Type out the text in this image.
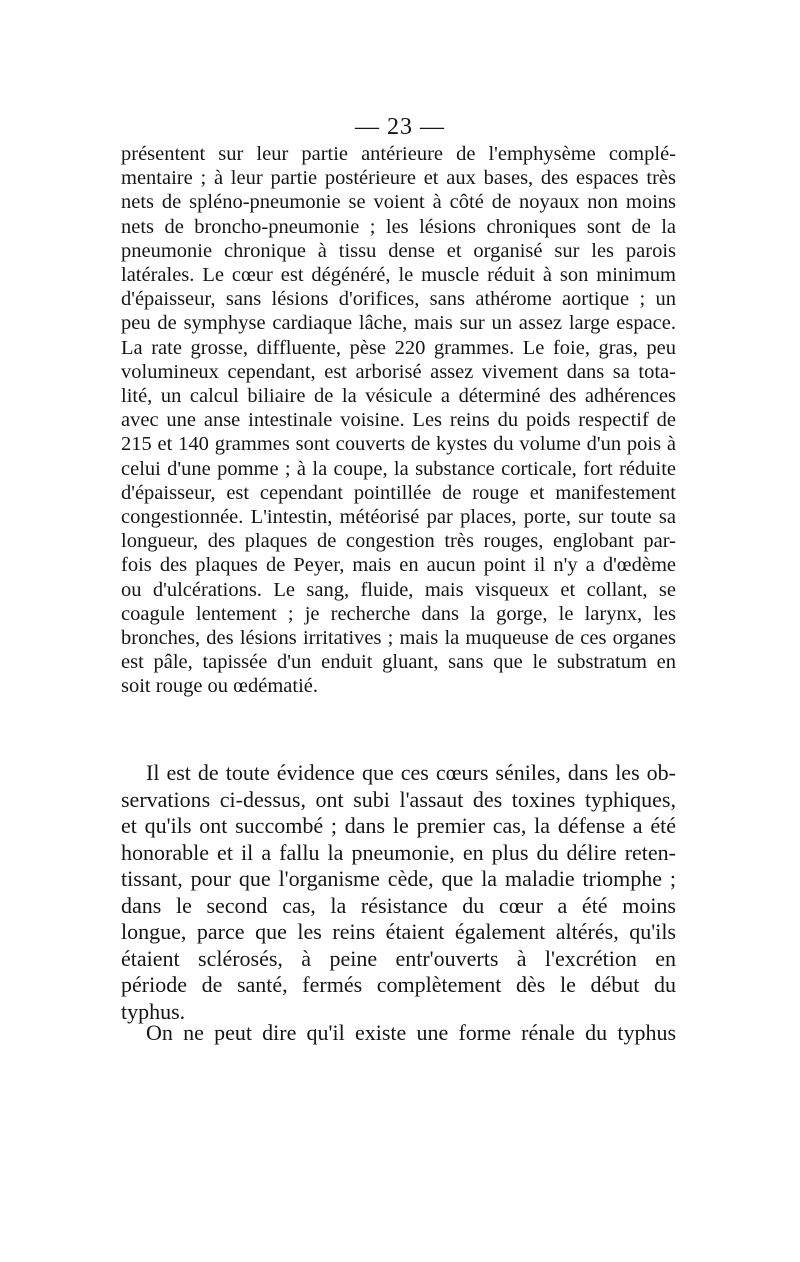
— 23 —
présentent sur leur partie antérieure de l'emphysème complé-
mentaire ; à leur partie postérieure et aux bases, des espaces très
nets de spléno-pneumonie se voient à côté de noyaux non moins
nets de broncho-pneumonie ; les lésions chroniques sont de la
pneumonie chronique à tissu dense et organisé sur les parois
latérales. Le cœur est dégénéré, le muscle réduit à son minimum
d'épaisseur, sans lésions d'orifices, sans athérome aortique ; un
peu de symphyse cardiaque lâche, mais sur un assez large espace.
La rate grosse, diffluente, pèse 220 grammes. Le foie, gras, peu
volumineux cependant, est arborisé assez vivement dans sa tota-
lité, un calcul biliaire de la vésicule a déterminé des adhérences
avec une anse intestinale voisine. Les reins du poids respectif de
215 et 140 grammes sont couverts de kystes du volume d'un pois à
celui d'une pomme ; à la coupe, la substance corticale, fort réduite
d'épaisseur, est cependant pointillée de rouge et manifestement
congestionnée. L'intestin, météorisé par places, porte, sur toute sa
longueur, des plaques de congestion très rouges, englobant par-
fois des plaques de Peyer, mais en aucun point il n'y a d'œdème
ou d'ulcérations. Le sang, fluide, mais visqueux et collant, se
coagule lentement ; je recherche dans la gorge, le larynx, les
bronches, des lésions irritatives ; mais la muqueuse de ces organes
est pâle, tapissée d'un enduit gluant, sans que le substratum en
soit rouge ou œdématié.
Il est de toute évidence que ces cœurs séniles, dans les ob-
servations ci-dessus, ont subi l'assaut des toxines typhiques,
et qu'ils ont succombé ; dans le premier cas, la défense a été
honorable et il a fallu la pneumonie, en plus du délire reten-
tissant, pour que l'organisme cède, que la maladie triomphe ;
dans le second cas, la résistance du cœur a été moins
longue, parce que les reins étaient également altérés, qu'ils
étaient sclérosés, à peine entr'ouverts à l'excrétion en
période de santé, fermés complètement dès le début du
typhus.
On ne peut dire qu'il existe une forme rénale du typhus
